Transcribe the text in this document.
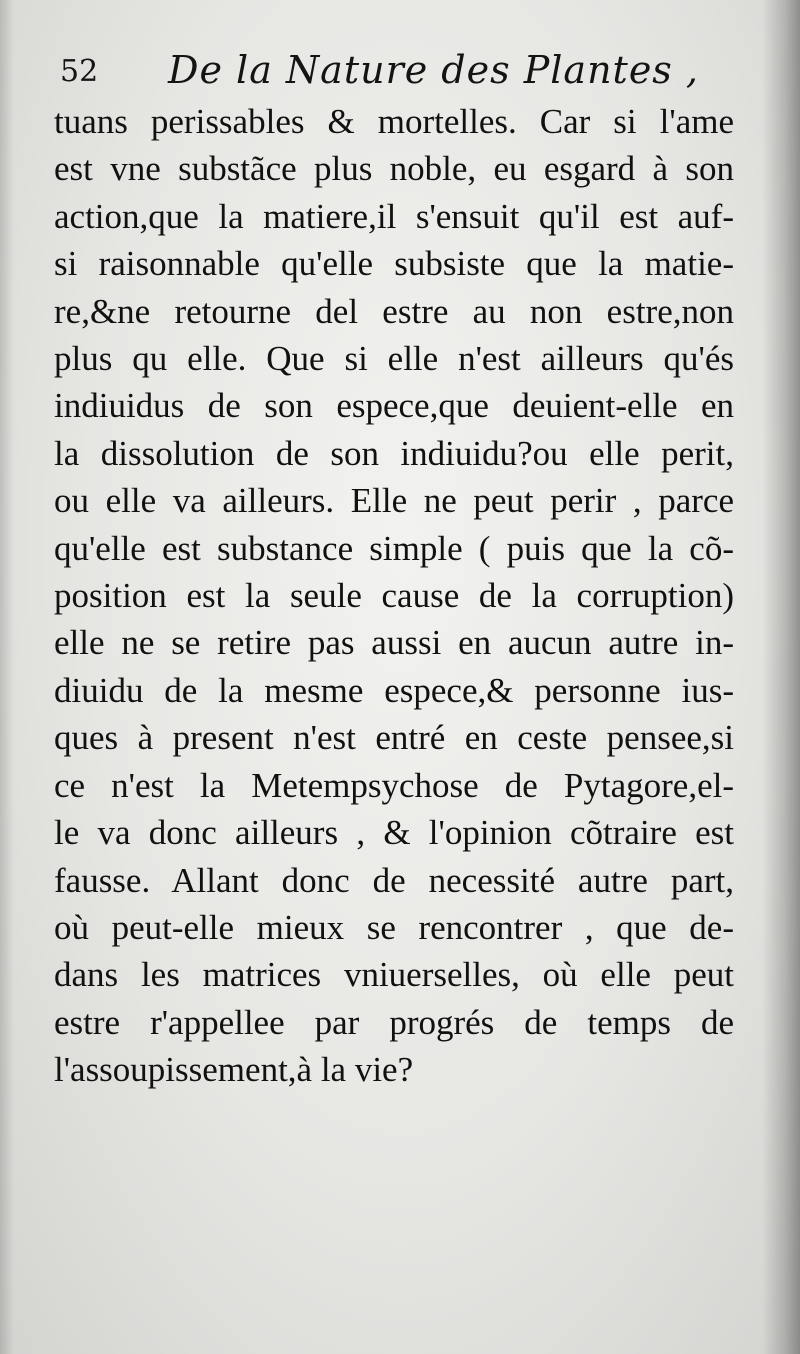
52 De la Nature des Plantes ,
tuans perissables & mortelles. Car si l'ame
est vne substãce plus noble, eu esgard à son
action,que la matiere,il s'ensuit qu'il est auf-
si raisonnable qu'elle subsiste que la matie-
re,&ne retourne del estre au non estre,non
plus qu elle. Que si elle n'est ailleurs qu'és
indiuidus de son espece,que deuient-elle en
la dissolution de son indiuidu?ou elle perit,
ou elle va ailleurs. Elle ne peut perir , parce
qu'elle est substance simple ( puis que la cõ-
position est la seule cause de la corruption)
elle ne se retire pas aussi en aucun autre in-
diuidu de la mesme espece,& personne ius-
ques à present n'est entré en ceste pensee,si
ce n'est la Metempsychose de Pytagore,el-
le va donc ailleurs , & l'opinion cõtraire est
fausse. Allant donc de necessité autre part,
où peut-elle mieux se rencontrer , que de-
dans les matrices vniuerselles, où elle peut
estre r'appellee par progrés de temps de
l'assoupissement,à la vie?
